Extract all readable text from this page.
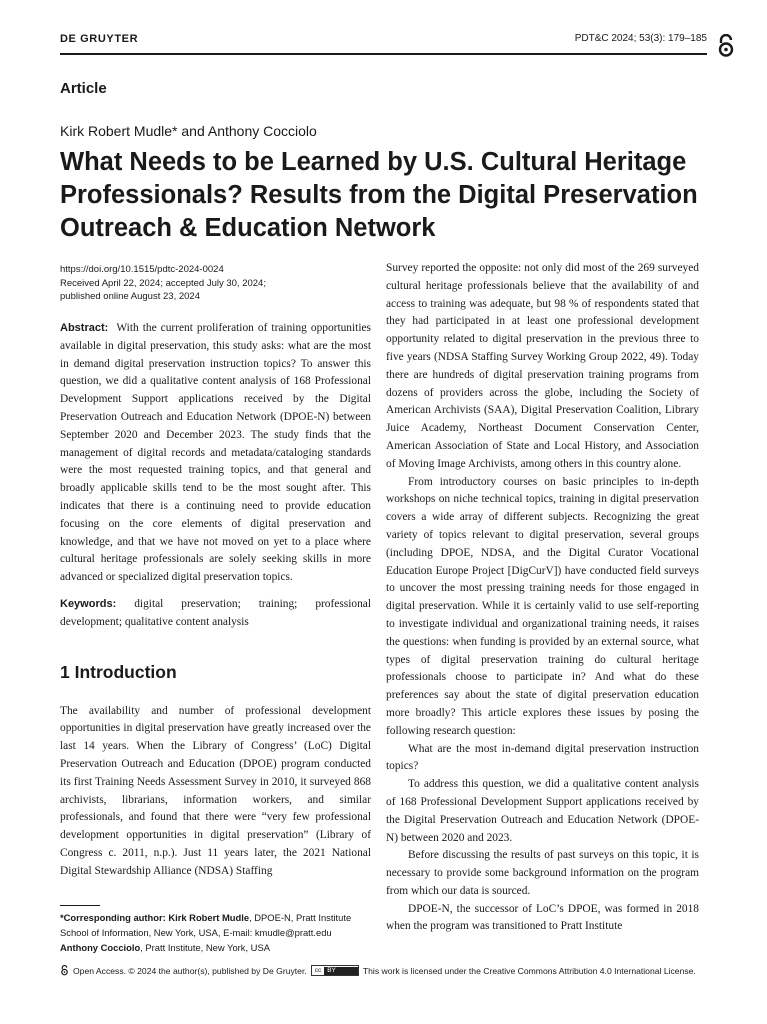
DE GRUYTER	PDT&C 2024; 53(3): 179–185
Article
Kirk Robert Mudle* and Anthony Cocciolo
What Needs to be Learned by U.S. Cultural Heritage Professionals? Results from the Digital Preservation Outreach & Education Network
https://doi.org/10.1515/pdtc-2024-0024
Received April 22, 2024; accepted July 30, 2024;
published online August 23, 2024

Abstract: With the current proliferation of training opportunities available in digital preservation, this study asks: what are the most in demand digital preservation instruction topics? To answer this question, we did a qualitative content analysis of 168 Professional Development Support applications received by the Digital Preservation Outreach and Education Network (DPOE-N) between September 2020 and December 2023. The study finds that the management of digital records and metadata/cataloging standards were the most requested training topics, and that general and broadly applicable skills tend to be the most sought after. This indicates that there is a continuing need to provide education focusing on the core elements of digital preservation and knowledge, and that we have not moved on yet to a place where cultural heritage professionals are solely seeking skills in more advanced or specialized digital preservation topics.

Keywords: digital preservation; training; professional development; qualitative content analysis

1 Introduction

The availability and number of professional development opportunities in digital preservation have greatly increased over the last 14 years. When the Library of Congress’ (LoC) Digital Preservation Outreach and Education (DPOE) program conducted its first Training Needs Assessment Survey in 2010, it surveyed 868 archivists, librarians, information workers, and similar professionals, and found that there were “very few professional development opportunities in digital preservation” (Library of Congress c. 2011, n.p.). Just 11 years later, the 2021 National Digital Stewardship Alliance (NDSA) Staffing

Survey reported the opposite: not only did most of the 269 surveyed cultural heritage professionals believe that the availability of and access to training was adequate, but 98 % of respondents stated that they had participated in at least one professional development opportunity related to digital preservation in the previous three to five years (NDSA Staffing Survey Working Group 2022, 49). Today there are hundreds of digital preservation training programs from dozens of providers across the globe, including the Society of American Archivists (SAA), Digital Preservation Coalition, Library Juice Academy, Northeast Document Conservation Center, American Association of State and Local History, and Association of Moving Image Archivists, among others in this country alone.

From introductory courses on basic principles to in-depth workshops on niche technical topics, training in digital preservation covers a wide array of different subjects. Recognizing the great variety of topics relevant to digital preservation, several groups (including DPOE, NDSA, and the Digital Curator Vocational Education Europe Project [DigCurV]) have conducted field surveys to uncover the most pressing training needs for those engaged in digital preservation. While it is certainly valid to use self-reporting to investigate individual and organizational training needs, it raises the questions: when funding is provided by an external source, what types of digital preservation training do cultural heritage professionals choose to participate in? And what do these preferences say about the state of digital preservation education more broadly? This article explores these issues by posing the following research question:

What are the most in-demand digital preservation instruction topics?

To address this question, we did a qualitative content analysis of 168 Professional Development Support applications received by the Digital Preservation Outreach and Education Network (DPOE-N) between 2020 and 2023.

Before discussing the results of past surveys on this topic, it is necessary to provide some background information on the program from which our data is sourced.

DPOE-N, the successor of LoC’s DPOE, was formed in 2018 when the program was transitioned to Pratt Institute

*Corresponding author: Kirk Robert Mudle, DPOE-N, Pratt Institute School of Information, New York, USA, E-mail: kmudle@pratt.edu
Anthony Cocciolo, Pratt Institute, New York, USA
Open Access. © 2024 the author(s), published by De Gruyter.	cc BY	This work is licensed under the Creative Commons Attribution 4.0 International License.
